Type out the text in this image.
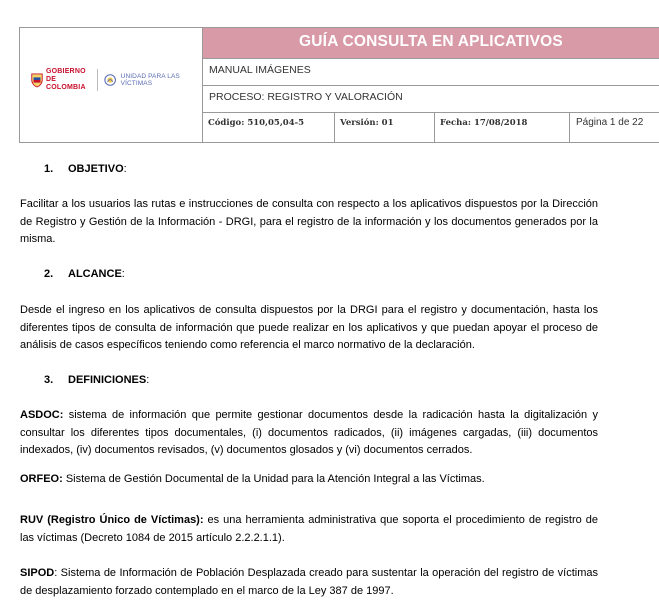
GOBIERNO
DE COLOMBIA
UNIDAD PARA LAS VÍCTIMAS
GUÍA CONSULTA EN APLICATIVOS
MANUAL IMÁGENES
PROCESO: REGISTRO Y VALORACIÓN
Código: 510,05,04-5	Versión: 01	Fecha: 17/08/2018	Página 1 de 22
1. OBJETIVO:
Facilitar a los usuarios las rutas e instrucciones de consulta con respecto a los aplicativos dispuestos por la Dirección de Registro y Gestión de la Información - DRGI, para el registro de la información y los documentos generados por la misma.
2. ALCANCE:
Desde el ingreso en los aplicativos de consulta dispuestos por la DRGI para el registro y documentación, hasta los diferentes tipos de consulta de información que puede realizar en los aplicativos y que puedan apoyar el proceso de análisis de casos específicos teniendo como referencia el marco normativo de la declaración.
3. DEFINICIONES:
ASDOC: sistema de información que permite gestionar documentos desde la radicación hasta la digitalización y consultar los diferentes tipos documentales, (i) documentos radicados, (ii) imágenes cargadas, (iii) documentos indexados, (iv) documentos revisados, (v) documentos glosados y (vi) documentos cerrados.
ORFEO: Sistema de Gestión Documental de la Unidad para la Atención Integral a las Víctimas.
RUV (Registro Único de Víctimas): es una herramienta administrativa que soporta el procedimiento de registro de las víctimas (Decreto 1084 de 2015 artículo 2.2.2.1.1).
SIPOD: Sistema de Información de Población Desplazada creado para sustentar la operación del registro de víctimas de desplazamiento forzado contemplado en el marco de la Ley 387 de 1997.
